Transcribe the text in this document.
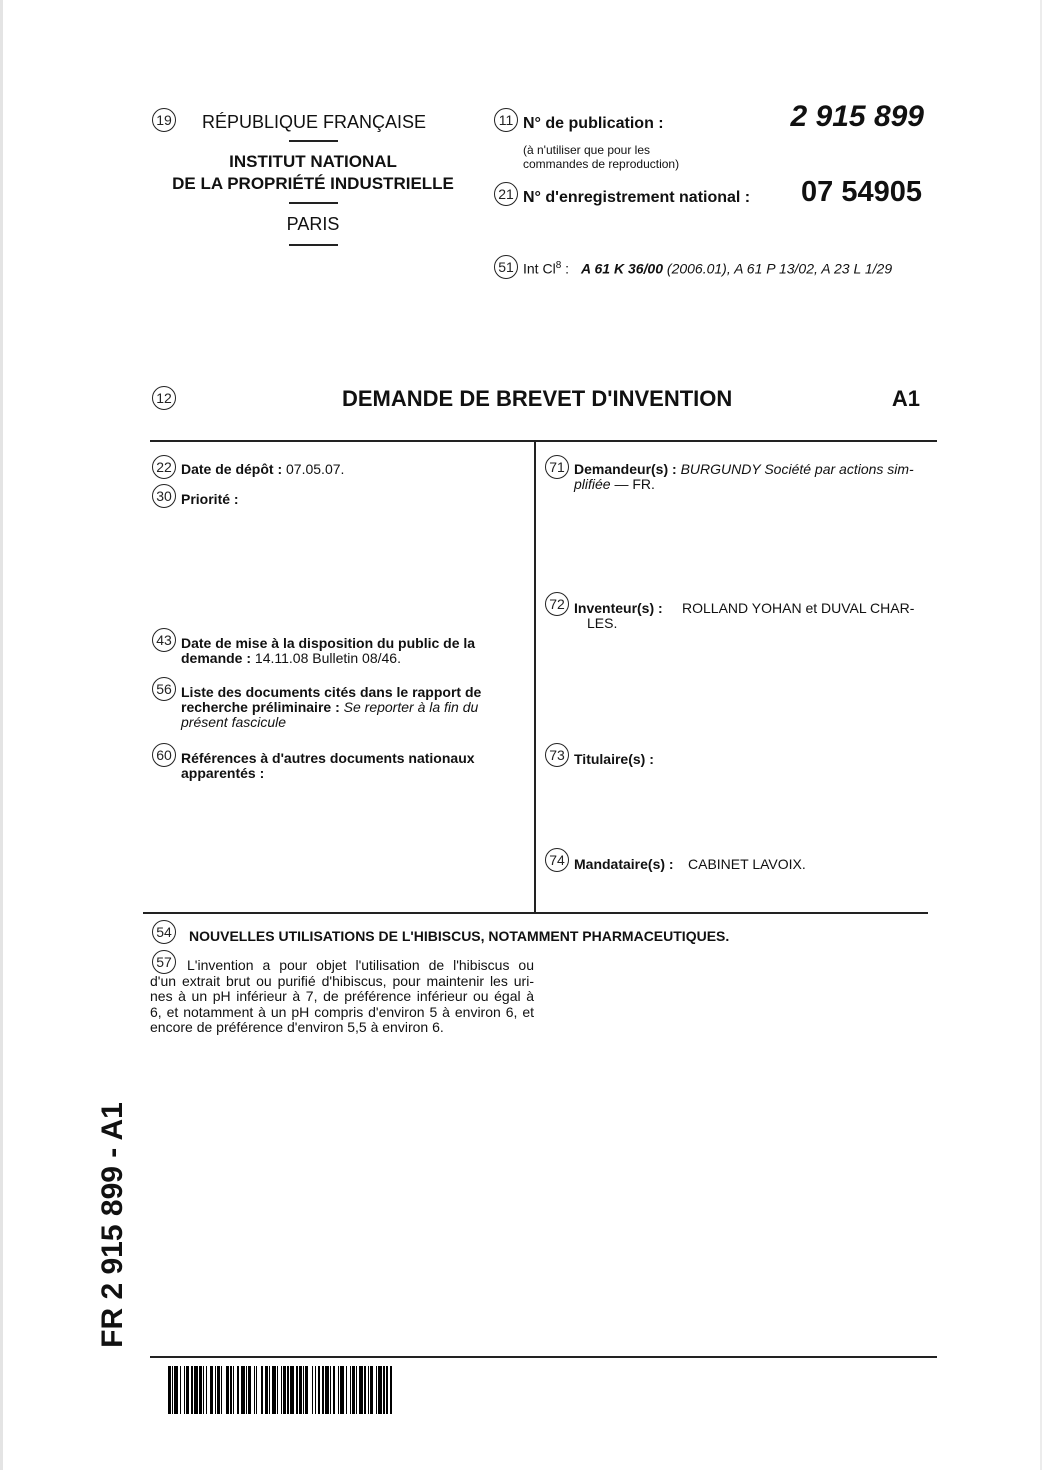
19 RÉPUBLIQUE FRANÇAISE
INSTITUT NATIONAL
DE LA PROPRIÉTÉ INDUSTRIELLE
PARIS
11 N° de publication :	2 915 899
(à n'utiliser que pour les
commandes de reproduction)
21 N° d'enregistrement national :	07 54905
51 Int Cl$^8$ : A 61 K 36/00 (2006.01), A 61 P 13/02, A 23 L 1/29
12	DEMANDE DE BREVET D'INVENTION	A1
22 Date de dépôt : 07.05.07.
30 Priorité :
43 Date de mise à la disposition du public de la
demande : 14.11.08 Bulletin 08/46.
56 Liste des documents cités dans le rapport de
recherche préliminaire : Se reporter à la fin du
présent fascicule
60 Références à d'autres documents nationaux
apparentés :
71 Demandeur(s) : BURGUNDY Société par actions sim-
plifiée — FR.
72 Inventeur(s) : ROLLAND YOHAN et DUVAL CHAR-
LES.
73 Titulaire(s) :
74 Mandataire(s) : CABINET LAVOIX.
54	NOUVELLES UTILISATIONS DE L'HIBISCUS, NOTAMMENT PHARMACEUTIQUES.
57	L'invention a pour objet l'utilisation de l'hibiscus ou
d'un extrait brut ou purifié d'hibiscus, pour maintenir les uri-
nes à un pH inférieur à 7, de préférence inférieur ou égal à
6, et notamment à un pH compris d'environ 5 à environ 6, et
encore de préférence d'environ 5,5 à environ 6.
FR 2 915 899 - A1
